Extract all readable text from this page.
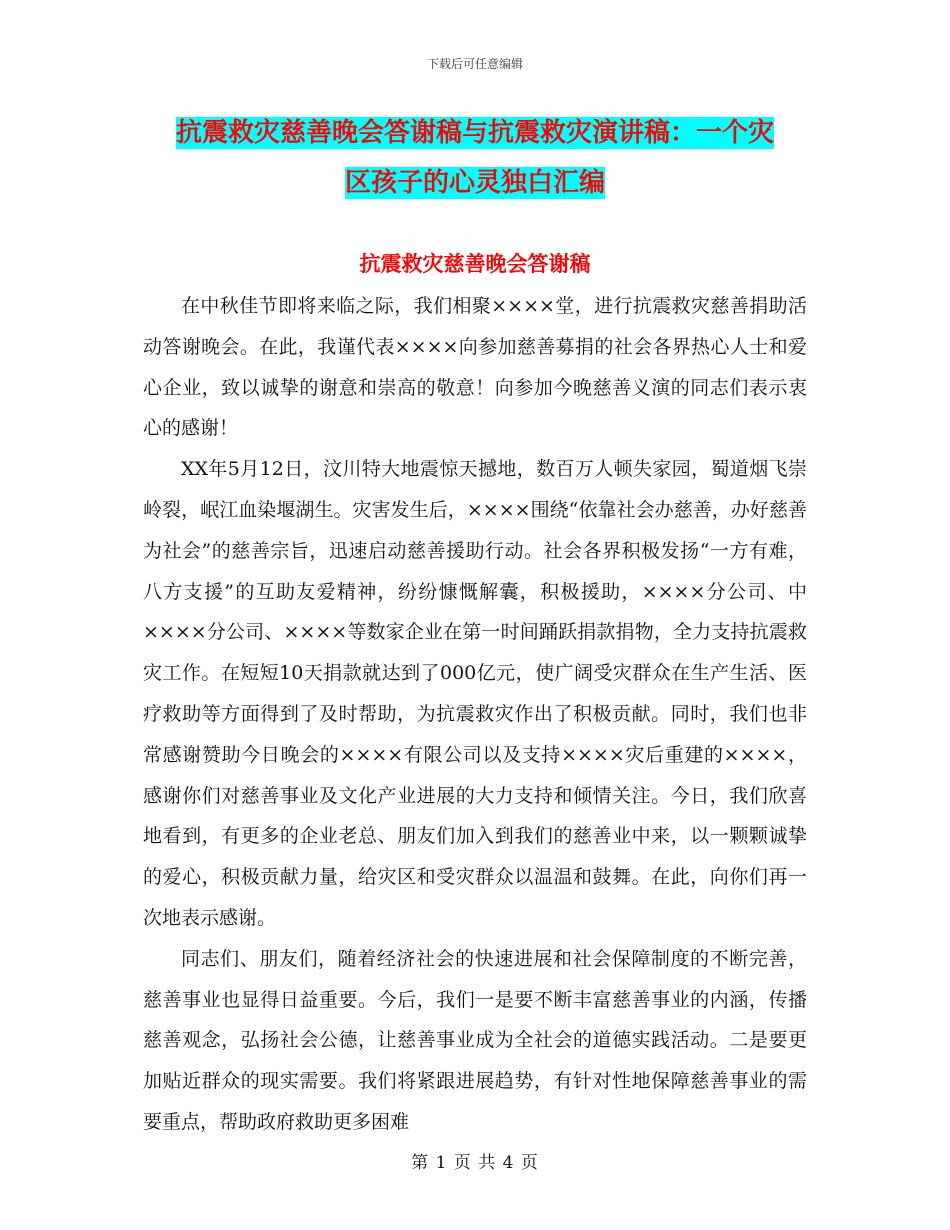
下载后可任意编辑
抗震救灾慈善晚会答谢稿与抗震救灾演讲稿：一个灾
区孩子的心灵独白汇编
抗震救灾慈善晚会答谢稿

在中秋佳节即将来临之际，我们相聚××××堂，进行抗震救灾慈善捐助活动答谢晚会。在此，我谨代表××××向参加慈善募捐的社会各界热心人士和爱心企业，致以诚挚的谢意和崇高的敬意！向参加今晚慈善义演的同志们表示衷心的感谢！

XX年5月12日，汶川特大地震惊天撼地，数百万人顿失家园，蜀道烟飞崇岭裂，岷江血染堰湖生。灾害发生后，××××围绕“依靠社会办慈善，办好慈善为社会”的慈善宗旨，迅速启动慈善援助行动。社会各界积极发扬“一方有难，八方支援”的互助友爱精神，纷纷慷慨解囊，积极援助，××××分公司、中××××分公司、××××等数家企业在第一时间踊跃捐款捐物，全力支持抗震救灾工作。在短短10天捐款就达到了000亿元，使广阔受灾群众在生产生活、医疗救助等方面得到了及时帮助，为抗震救灾作出了积极贡献。同时，我们也非常感谢赞助今日晚会的××××有限公司以及支持××××灾后重建的××××，感谢你们对慈善事业及文化产业进展的大力支持和倾情关注。今日，我们欣喜地看到，有更多的企业老总、朋友们加入到我们的慈善业中来，以一颗颗诚挚的爱心，积极贡献力量，给灾区和受灾群众以温温和鼓舞。在此，向你们再一次地表示感谢。

同志们、朋友们，随着经济社会的快速进展和社会保障制度的不断完善，慈善事业也显得日益重要。今后，我们一是要不断丰富慈善事业的内涵，传播慈善观念，弘扬社会公德，让慈善事业成为全社会的道德实践活动。二是要更加贴近群众的现实需要。我们将紧跟进展趋势，有针对性地保障慈善事业的需要重点，帮助政府救助更多困难

第 1 页 共 4 页
